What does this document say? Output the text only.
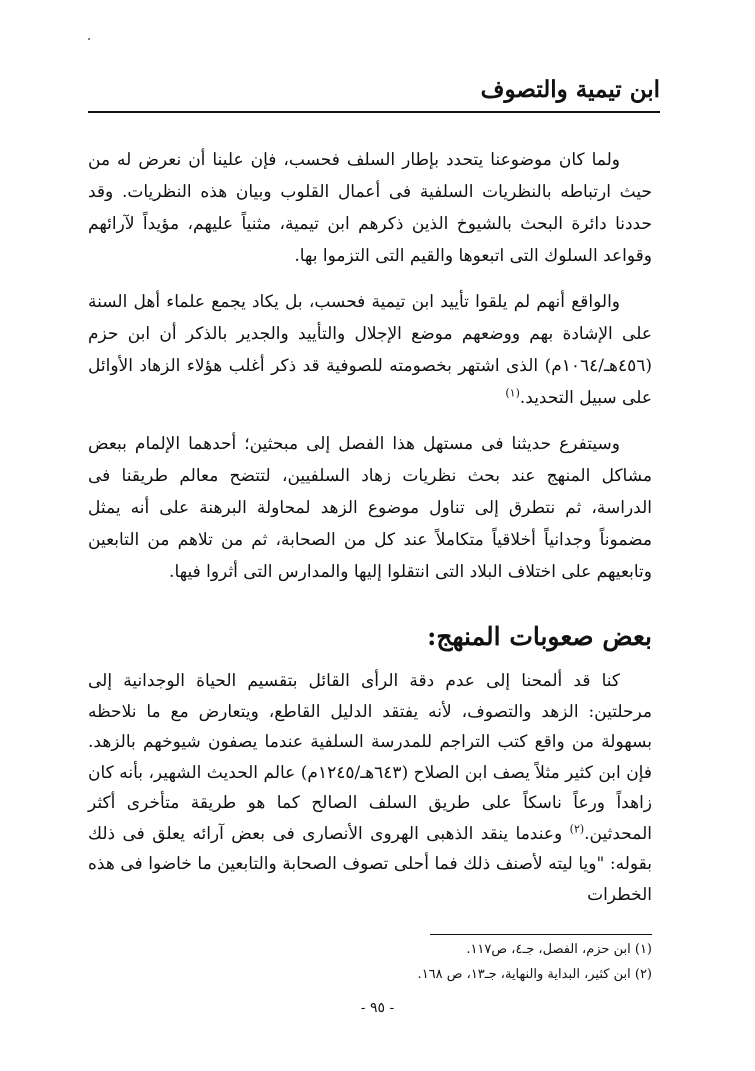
ابن تيمية والتصوف

ولما كان موضوعنا يتحدد بإطار السلف فحسب، فإن علينا أن نعرض له من حيث ارتباطه بالنظريات السلفية فى أعمال القلوب وبيان هذه النظريات. وقد حددنا دائرة البحث بالشيوخ الذين ذكرهم ابن تيمية، مثنياً عليهم، مؤيداً لآرائهم وقواعد السلوك التى اتبعوها والقيم التى التزموا بها.

والواقع أنهم لم يلقوا تأييد ابن تيمية فحسب، بل يكاد يجمع علماء أهل السنة على الإشادة بهم ووضعهم موضع الإجلال والتأييد والجدير بالذكر أن ابن حزم (٤٥٦هـ/١٠٦٤م) الذى اشتهر بخصومته للصوفية قد ذكر أغلب هؤلاء الزهاد الأوائل على سبيل التحديد.$^{(١)}$

وسيتفرع حديثنا فى مستهل هذا الفصل إلى مبحثين؛ أحدهما الإلمام ببعض مشاكل المنهج عند بحث نظريات زهاد السلفيين، لتتضح معالم طريقنا فى الدراسة، ثم نتطرق إلى تناول موضوع الزهد لمحاولة البرهنة على أنه يمثل مضموناً وجدانياً أخلاقياً متكاملاً عند كل من الصحابة، ثم من تلاهم من التابعين وتابعيهم على اختلاف البلاد التى انتقلوا إليها والمدارس التى أثروا فيها.

بعض صعوبات المنهج:

كنا قد ألمحنا إلى عدم دقة الرأى القائل بتقسيم الحياة الوجدانية إلى مرحلتين: الزهد والتصوف، لأنه يفتقد الدليل القاطع، ويتعارض مع ما نلاحظه بسهولة من واقع كتب التراجم للمدرسة السلفية عندما يصفون شيوخهم بالزهد. فإن ابن كثير مثلاً يصف ابن الصلاح (٦٤٣هـ/١٢٤٥م) عالم الحديث الشهير، بأنه كان زاهداً ورعاً ناسكاً على طريق السلف الصالح كما هو طريقة متأخرى أكثر المحدثين.$^{(٢)}$ وعندما ينقد الذهبى الهروى الأنصارى فى بعض آرائه يعلق فى ذلك بقوله: "ويا ليته لأصنف ذلك فما أحلى تصوف الصحابة والتابعين ما خاضوا فى هذه الخطرات

(١) ابن حزم، الفصل، جـ٤، ص١١٧.
(٢) ابن كثير، البداية والنهاية، جـ١٣، ص ١٦٨.
- ٩٥ -
